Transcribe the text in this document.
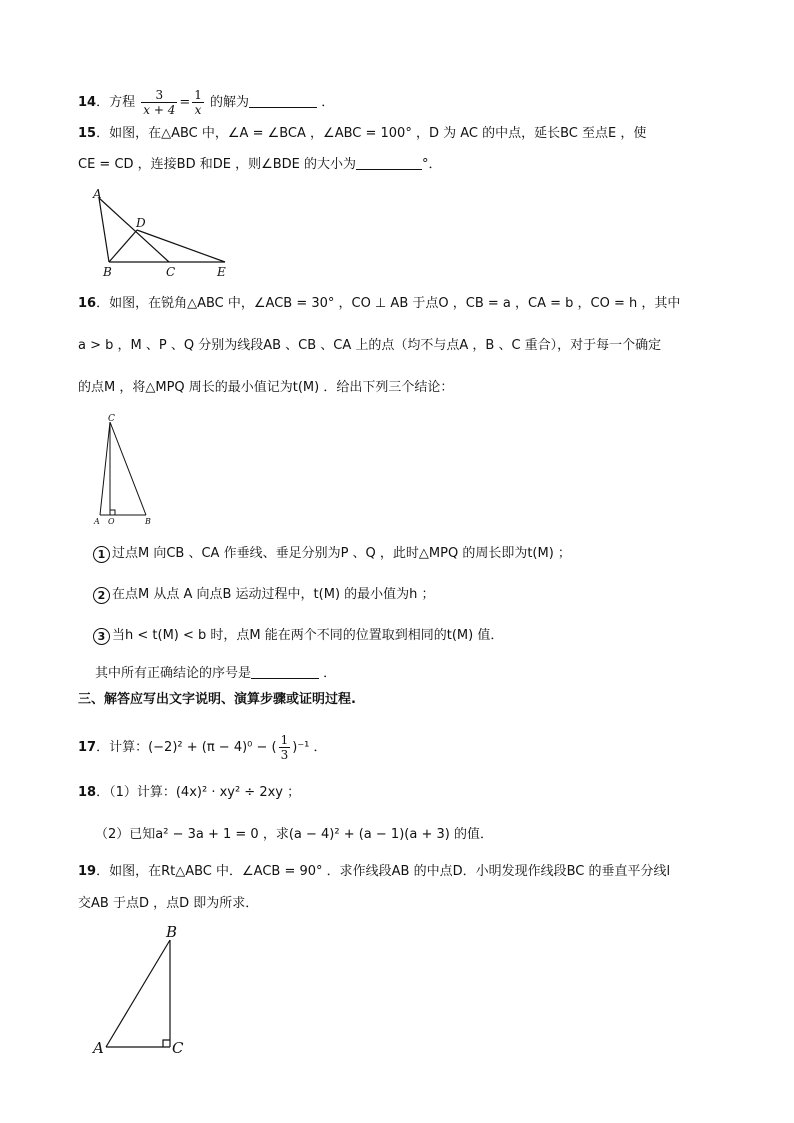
14．方程 $\frac{3}{x + 4} = \frac{1}{x}$ 的解为	．
15．如图，在△ABC 中，∠A = ∠BCA ，∠ABC = 100° ，D 为 AC 的中点，延长BC 至点E ，使
CE = CD ，连接BD 和DE ，则∠BDE 的大小为	°．
A
D
B	C	E
16．如图，在锐角△ABC 中，∠ACB = 30° ，CO ⊥ AB 于点O ，CB = a ，CA = b ，CO = h ，其中
a > b ，M 、P 、Q 分别为线段AB 、CB 、CA 上的点（均不与点A ，B 、C 重合），对于每一个确定
的点M ，将△MPQ 周长的最小值记为t(M) ．给出下列三个结论：
C
A O	B
1 过点M 向CB 、CA 作垂线、垂足分别为P 、Q ，此时△MPQ 的周长即为t(M) ；
2 在点M 从点 A 向点B 运动过程中，t(M) 的最小值为h ；
3 当h < t(M) < b 时，点M 能在两个不同的位置取到相同的t(M) 值．
其中所有正确结论的序号是	．
三、解答应写出文字说明、演算步骤或证明过程.
17．计算：(−2)² + (π − 4)⁰ − ( $\frac{1}{3} )^{-1}$ ．
18．（1）计算：(4x)² · xy² ÷ 2xy ；
（2）已知a² − 3a + 1 = 0 ，求(a − 4)² + (a − 1)(a + 3) 的值．
19．如图，在Rt△ABC 中．∠ACB = 90° ．求作线段AB 的中点D．小明发现作线段BC 的垂直平分线l
交AB 于点D ，点D 即为所求．
B
A	C
